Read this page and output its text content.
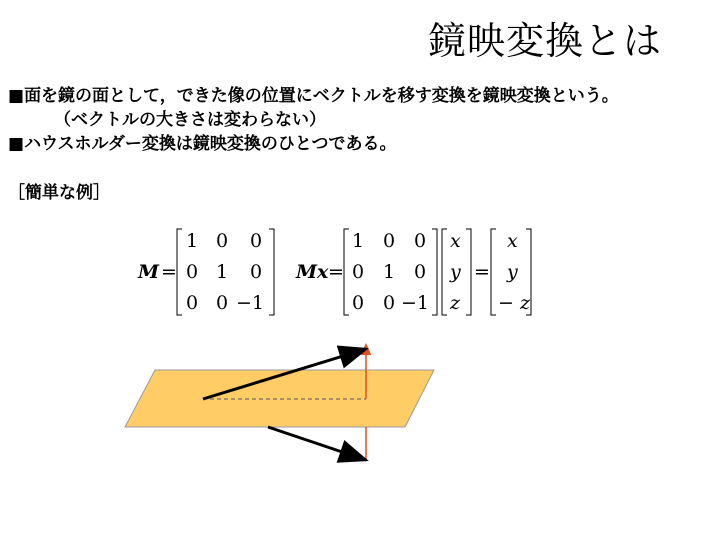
鏡映変換とは
■面を鏡の面として，できた像の位置にベクトルを移す変換を鏡映変換という。
（ベクトルの大きさは変わらない）
■ハウスホルダー変換は鏡映変換のひとつである。
［簡単な例］
M =
1 0 0
0 1 0
0 0 −1
Mx =
1 0 0
0 1 0
0 0 −1
x
y
z
=
x
y
− z
